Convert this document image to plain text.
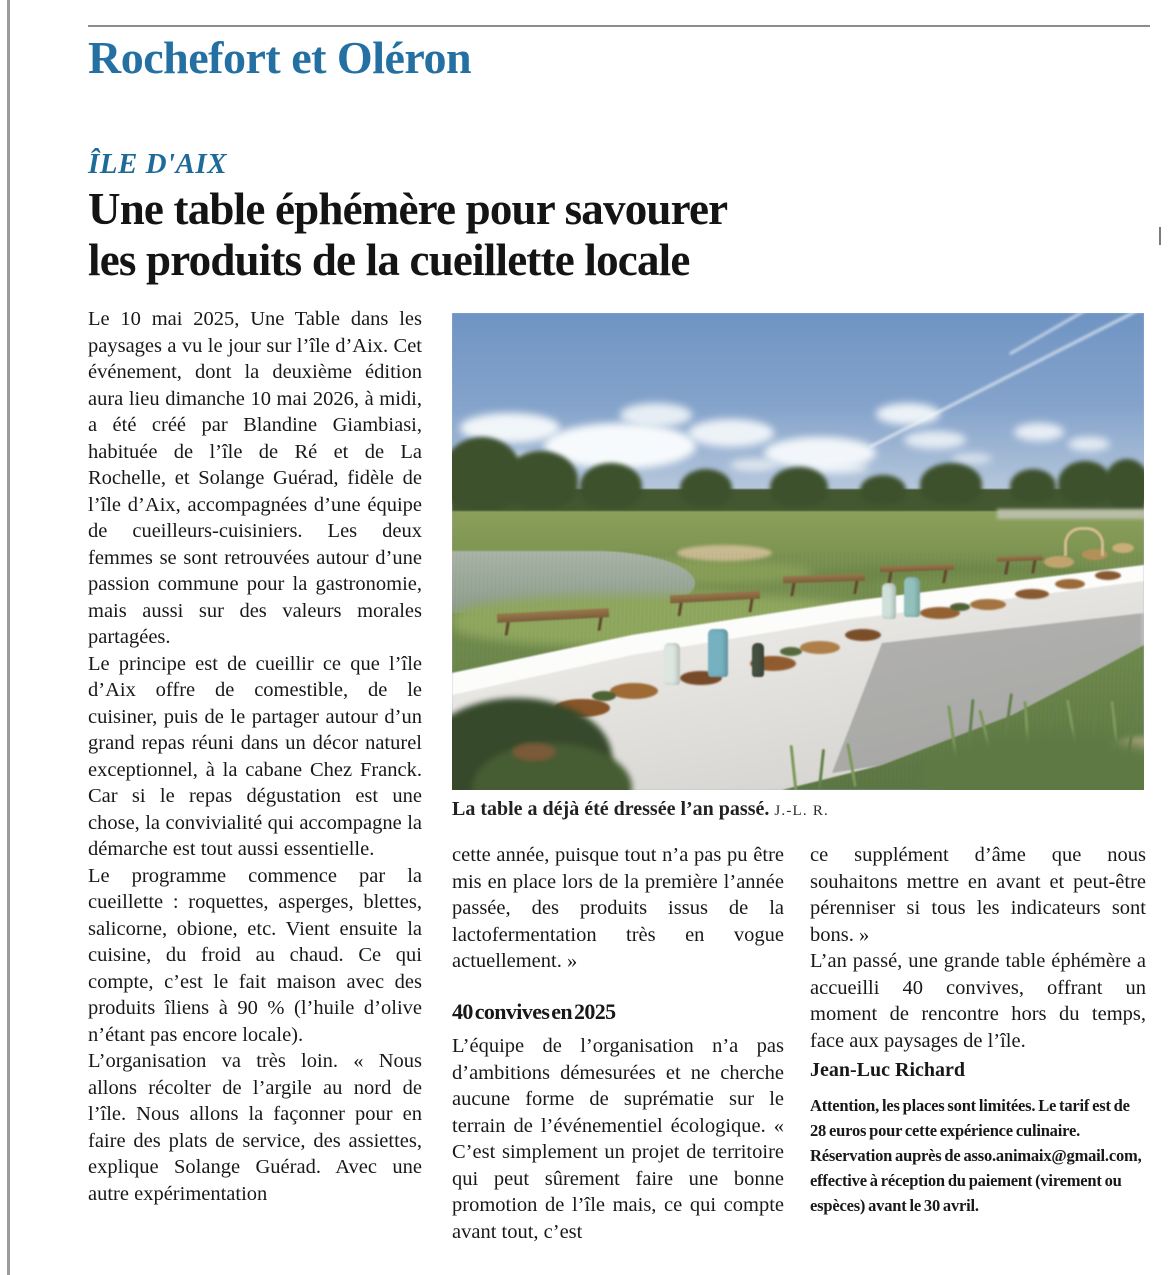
Rochefort et Oléron
ÎLE D'AIX
Une table éphémère pour savourer
les produits de la cueillette locale

Le 10 mai 2025, Une Table dans les paysages a vu le jour sur l’île d’Aix. Cet événement, dont la deuxième édition aura lieu dimanche 10 mai 2026, à midi, a été créé par Blandine Giambiasi, habituée de l’île de Ré et de La Rochelle, et Solange Guérad, fidèle de l’île d’Aix, accompagnées d’une équipe de cueilleurs-cuisiniers. Les deux femmes se sont retrouvées autour d’une passion commune pour la gastronomie, mais aussi sur des valeurs morales partagées.

Le principe est de cueillir ce que l’île d’Aix offre de comestible, de le cuisiner, puis de le partager autour d’un grand repas réuni dans un décor naturel exceptionnel, à la cabane Chez Franck. Car si le repas dégustation est une chose, la convivialité qui accompagne la démarche est tout aussi essentielle.

Le programme commence par la cueillette : roquettes, asperges, blettes, salicorne, obione, etc. Vient ensuite la cuisine, du froid au chaud. Ce qui compte, c’est le fait maison avec des produits îliens à 90 % (l’huile d’olive n’étant pas encore locale).

L’organisation va très loin. « Nous allons récolter de l’argile au nord de l’île. Nous allons la façonner pour en faire des plats de service, des assiettes, explique Solange Guérad. Avec une autre expérimentation

La table a déjà été dressée l’an passé. J.-L. R.

cette année, puisque tout n’a pas pu être mis en place lors de la première l’année passée, des produits issus de la lactofermentation très en vogue actuellement. »

40 convives en 2025

L’équipe de l’organisation n’a pas d’ambitions démesurées et ne cherche aucune forme de suprématie sur le terrain de l’événementiel écologique. « C’est simplement un projet de territoire qui peut sûrement faire une bonne promotion de l’île mais, ce qui compte avant tout, c’est

ce supplément d’âme que nous souhaitons mettre en avant et peut-être pérenniser si tous les indicateurs sont bons. »

L’an passé, une grande table éphémère a accueilli 40 convives, offrant un moment de rencontre hors du temps, face aux paysages de l’île.

Jean-Luc Richard

Attention, les places sont limitées. Le tarif est de 28 euros pour cette expérience culinaire. Réservation auprès de asso.animaix@gmail.com, effective à réception du paiement (virement ou espèces) avant le 30 avril.
